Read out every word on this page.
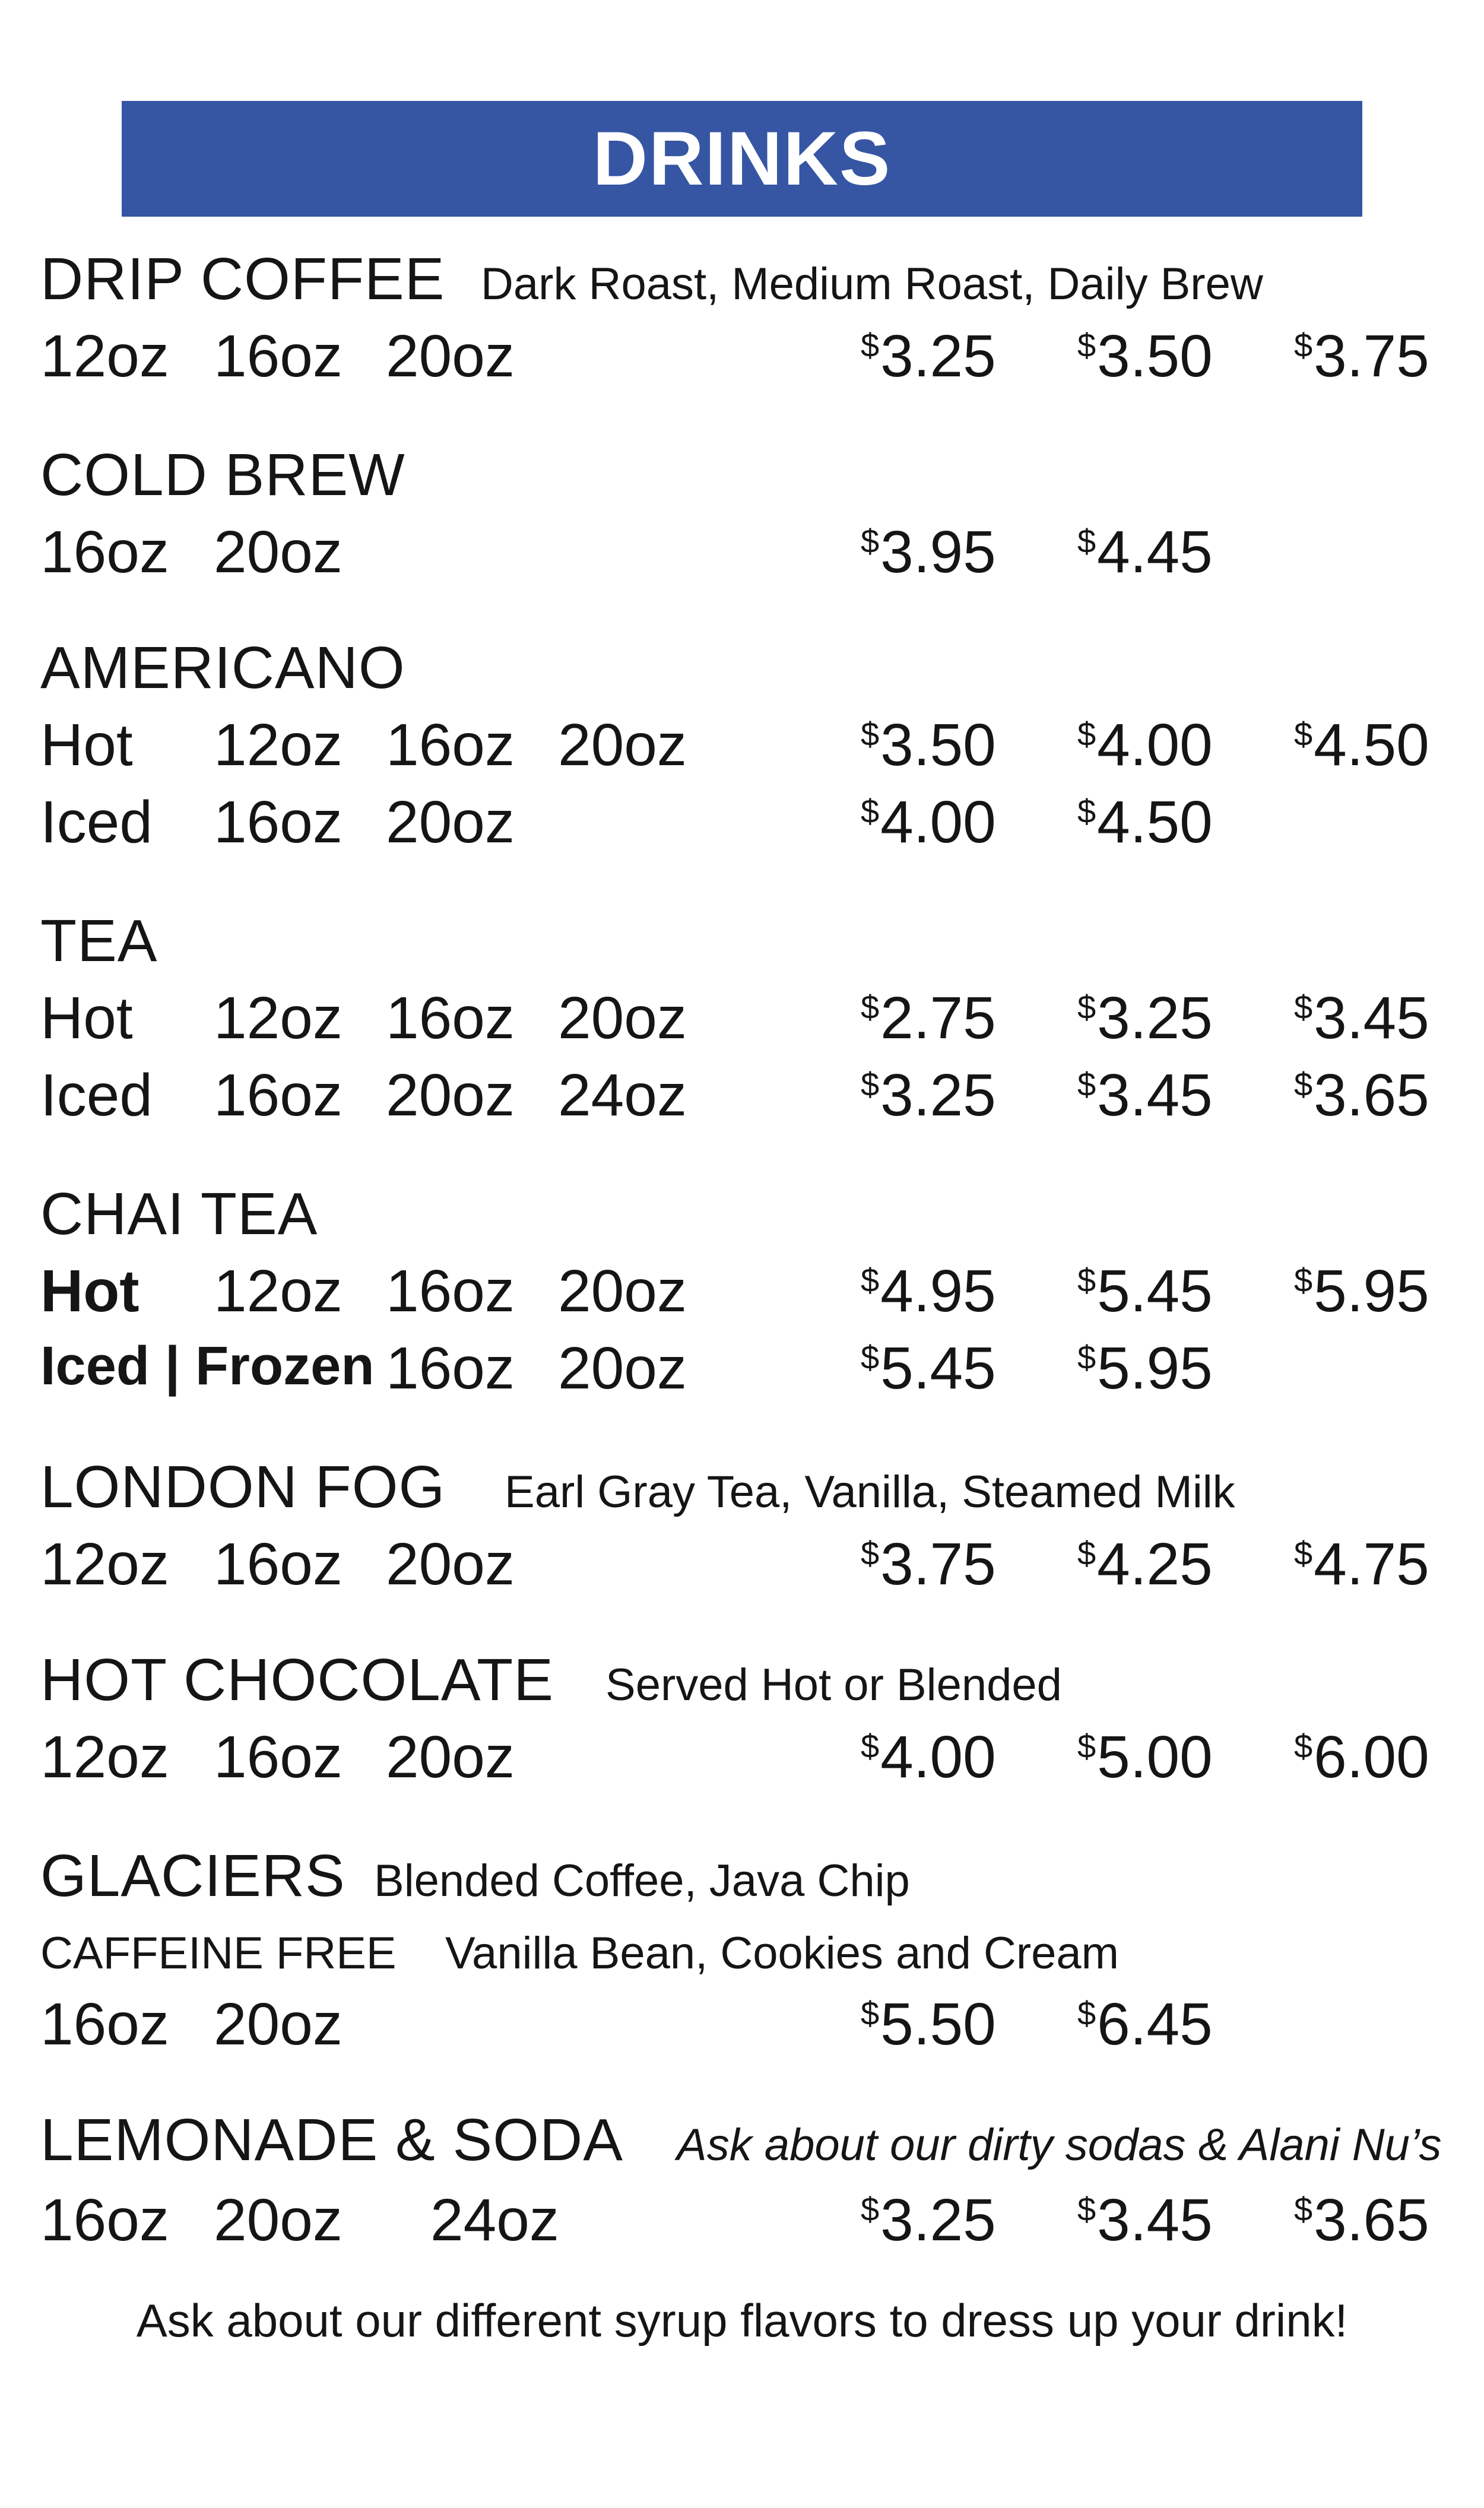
DRINKS
DRIP COFFEE Dark Roast, Medium Roast, Daily Brew
12oz 16oz 20oz	$3.25 $3.50 $3.75
COLD BREW
16oz 20oz	$3.95 $4.45
AMERICANO
Hot 12oz 16oz 20oz	$3.50 $4.00 $4.50
Iced 16oz 20oz	$4.00 $4.50
TEA
Hot 12oz 16oz 20oz	$2.75 $3.25 $3.45
Iced 16oz 20oz 24oz	$3.25 $3.45 $3.65
CHAI TEA
Hot 12oz 16oz 20oz	$4.95 $5.45 $5.95
Iced | Frozen 16oz 20oz	$5.45 $5.95
LONDON FOG Earl Gray Tea, Vanilla, Steamed Milk
12oz 16oz 20oz	$3.75 $4.25 $4.75
HOT CHOCOLATE Served Hot or Blended
12oz 16oz 20oz	$4.00 $5.00 $6.00
GLACIERS Blended Coffee, Java Chip
CAFFEINE FREE Vanilla Bean, Cookies and Cream
16oz 20oz	$5.50 $6.45
LEMONADE & SODA Ask about our dirty sodas & Alani Nu’s
16oz 20oz 24oz	$3.25 $3.45 $3.65
Ask about our different syrup flavors to dress up your drink!
